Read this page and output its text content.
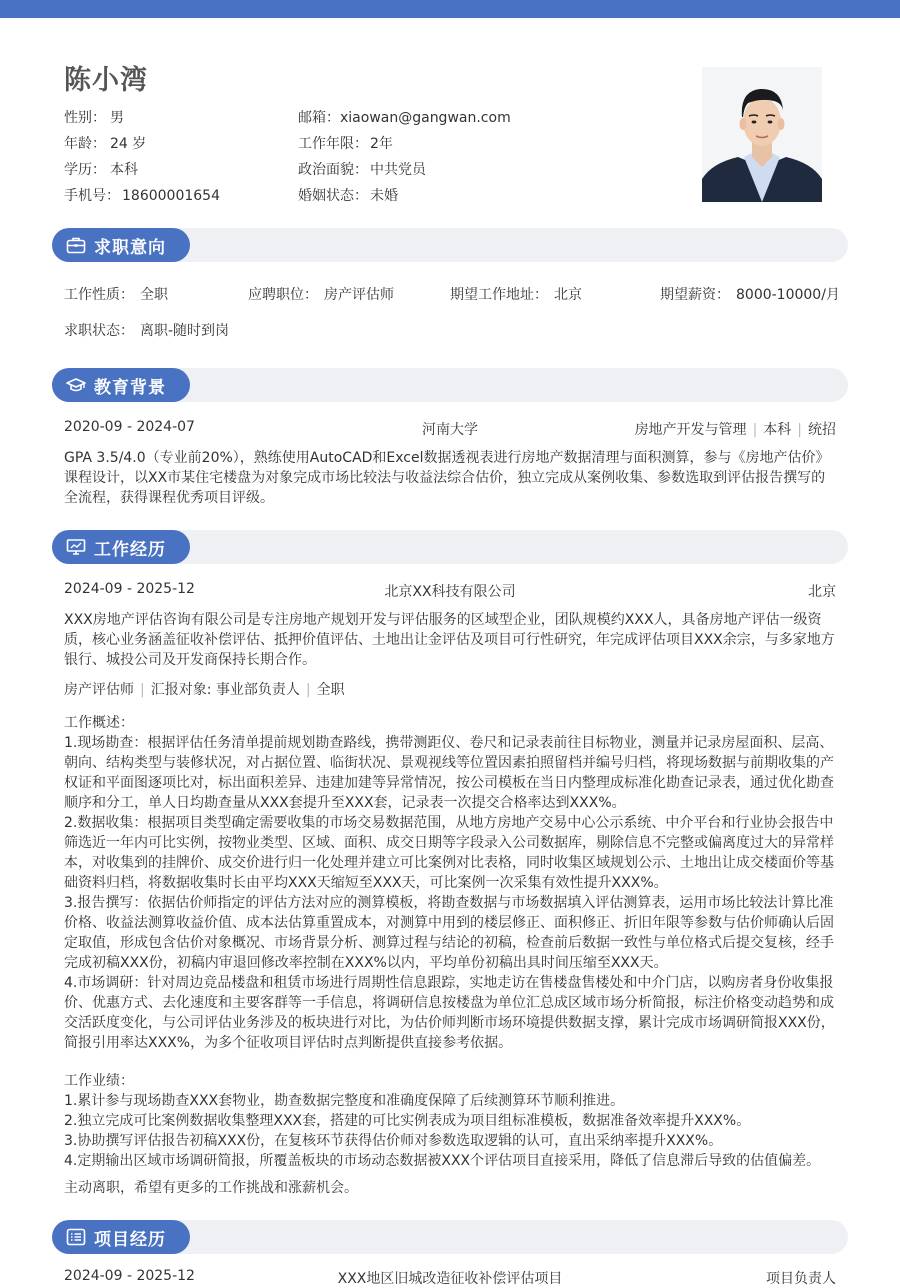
陈小湾
性别： 男
年龄： 24 岁
学历： 本科
手机号： 18600001654
邮箱：xiaowan@gangwan.com
工作年限： 2年
政治面貌： 中共党员
婚姻状态： 未婚
求职意向
工作性质： 全职	应聘职位： 房产评估师	期望工作地址： 北京	期望薪资： 8000-10000/月
求职状态： 离职-随时到岗
教育背景
2020-09 - 2024-07	河南大学	房地产开发与管理 | 本科 | 统招
GPA 3.5/4.0（专业前20%），熟练使用AutoCAD和Excel数据透视表进行房地产数据清理与面积测算，参与《房地产估价》
课程设计，以XX市某住宅楼盘为对象完成市场比较法与收益法综合估价，独立完成从案例收集、参数选取到评估报告撰写的
全流程，获得课程优秀项目评级。
工作经历
2024-09 - 2025-12	北京XX科技有限公司	北京
XXX房地产评估咨询有限公司是专注房地产规划开发与评估服务的区域型企业，团队规模约XXX人，具备房地产评估一级资
质，核心业务涵盖征收补偿评估、抵押价值评估、土地出让金评估及项目可行性研究，年完成评估项目XXX余宗，与多家地方
银行、城投公司及开发商保持长期合作。
房产评估师 | 汇报对象: 事业部负责人 | 全职
工作概述：
1.现场勘查：根据评估任务清单提前规划勘查路线，携带测距仪、卷尺和记录表前往目标物业，测量并记录房屋面积、层高、
朝向、结构类型与装修状况，对占据位置、临街状况、景观视线等位置因素拍照留档并编号归档，将现场数据与前期收集的产
权证和平面图逐项比对，标出面积差异、违建加建等异常情况，按公司模板在当日内整理成标准化勘查记录表，通过优化勘查
顺序和分工，单人日均勘查量从XXX套提升至XXX套，记录表一次提交合格率达到XXX%。
2.数据收集：根据项目类型确定需要收集的市场交易数据范围，从地方房地产交易中心公示系统、中介平台和行业协会报告中
筛选近一年内可比实例，按物业类型、区域、面积、成交日期等字段录入公司数据库，剔除信息不完整或偏离度过大的异常样
本，对收集到的挂牌价、成交价进行归一化处理并建立可比案例对比表格，同时收集区域规划公示、土地出让成交楼面价等基
础资料归档，将数据收集时长由平均XXX天缩短至XXX天，可比案例一次采集有效性提升XXX%。
3.报告撰写：依据估价师指定的评估方法对应的测算模板，将勘查数据与市场数据填入评估测算表，运用市场比较法计算比准
价格、收益法测算收益价值、成本法估算重置成本，对测算中用到的楼层修正、面积修正、折旧年限等参数与估价师确认后固
定取值，形成包含估价对象概况、市场背景分析、测算过程与结论的初稿，检查前后数据一致性与单位格式后提交复核，经手
完成初稿XXX份，初稿内审退回修改率控制在XXX%以内，平均单份初稿出具时间压缩至XXX天。
4.市场调研：针对周边竞品楼盘和租赁市场进行周期性信息跟踪，实地走访在售楼盘售楼处和中介门店，以购房者身份收集报
价、优惠方式、去化速度和主要客群等一手信息，将调研信息按楼盘为单位汇总成区域市场分析简报，标注价格变动趋势和成
交活跃度变化，与公司评估业务涉及的板块进行对比，为估价师判断市场环境提供数据支撑，累计完成市场调研简报XXX份，
简报引用率达XXX%，为多个征收项目评估时点判断提供直接参考依据。
工作业绩：
1.累计参与现场勘查XXX套物业，勘查数据完整度和准确度保障了后续测算环节顺利推进。
2.独立完成可比案例数据收集整理XXX套，搭建的可比实例表成为项目组标准模板，数据准备效率提升XXX%。
3.协助撰写评估报告初稿XXX份，在复核环节获得估价师对参数选取逻辑的认可，直出采纳率提升XXX%。
4.定期输出区域市场调研简报，所覆盖板块的市场动态数据被XXX个评估项目直接采用，降低了信息滞后导致的估值偏差。
主动离职，希望有更多的工作挑战和涨薪机会。
项目经历
2024-09 - 2025-12	XXX地区旧城改造征收补偿评估项目	项目负责人
